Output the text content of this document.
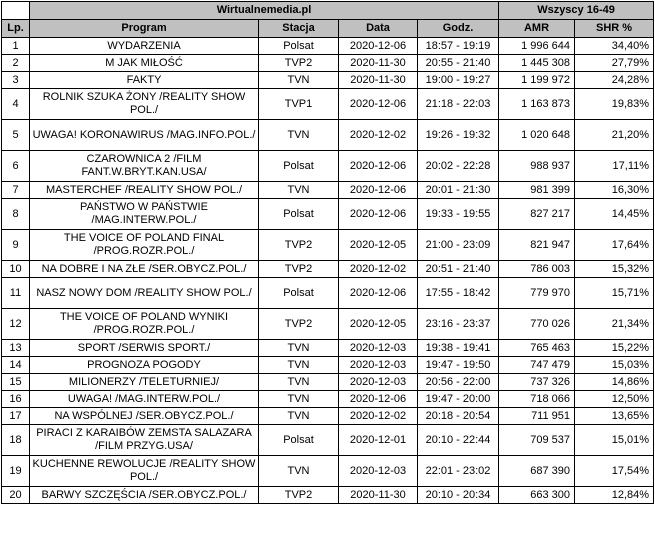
	Wirtualnemedia.pl				Wszyscy 16-49	
Lp.	Program	Stacja	Data	Godz.	AMR	SHR %
1	WYDARZENIA	Polsat	2020-12-06	18:57 - 19:19	1 996 644	34,40%
2	M JAK MIŁOŚĆ	TVP2	2020-11-30	20:55 - 21:40	1 445 308	27,79%
3	FAKTY	TVN	2020-11-30	19:00 - 19:27	1 199 972	24,28%
4	ROLNIK SZUKA ŻONY /REALITY SHOW POL./	TVP1	2020-12-06	21:18 - 22:03	1 163 873	19,83%
5	UWAGA! KORONAWIRUS /MAG.INFO.POL./	TVN	2020-12-02	19:26 - 19:32	1 020 648	21,20%
6	CZAROWNICA 2 /FILM FANT.W.BRYT.KAN.USA/	Polsat	2020-12-06	20:02 - 22:28	988 937	17,11%
7	MASTERCHEF /REALITY SHOW POL./	TVN	2020-12-06	20:01 - 21:30	981 399	16,30%
8	PAŃSTWO W PAŃSTWIE /MAG.INTERW.POL./	Polsat	2020-12-06	19:33 - 19:55	827 217	14,45%
9	THE VOICE OF POLAND FINAL /PROG.ROZR.POL./	TVP2	2020-12-05	21:00 - 23:09	821 947	17,64%
10	NA DOBRE I NA ZŁE /SER.OBYCZ.POL./	TVP2	2020-12-02	20:51 - 21:40	786 003	15,32%
11	NASZ NOWY DOM /REALITY SHOW POL./	Polsat	2020-12-06	17:55 - 18:42	779 970	15,71%
12	THE VOICE OF POLAND WYNIKI /PROG.ROZR.POL./	TVP2	2020-12-05	23:16 - 23:37	770 026	21,34%
13	SPORT /SERWIS SPORT./	TVN	2020-12-03	19:38 - 19:41	765 463	15,22%
14	PROGNOZA POGODY	TVN	2020-12-03	19:47 - 19:50	747 479	15,03%
15	MILIONERZY /TELETURNIEJ/	TVN	2020-12-03	20:56 - 22:00	737 326	14,86%
16	UWAGA! /MAG.INTERW.POL./	TVN	2020-12-06	19:47 - 20:00	718 066	12,50%
17	NA WSPÓLNEJ /SER.OBYCZ.POL./	TVN	2020-12-02	20:18 - 20:54	711 951	13,65%
18	PIRACI Z KARAIBÓW ZEMSTA SALAZARA /FILM PRZYG.USA/	Polsat	2020-12-01	20:10 - 22:44	709 537	15,01%
19	KUCHENNE REWOLUCJE /REALITY SHOW POL./	TVN	2020-12-03	22:01 - 23:02	687 390	17,54%
20	BARWY SZCZĘŚCIA /SER.OBYCZ.POL./	TVP2	2020-11-30	20:10 - 20:34	663 300	12,84%
